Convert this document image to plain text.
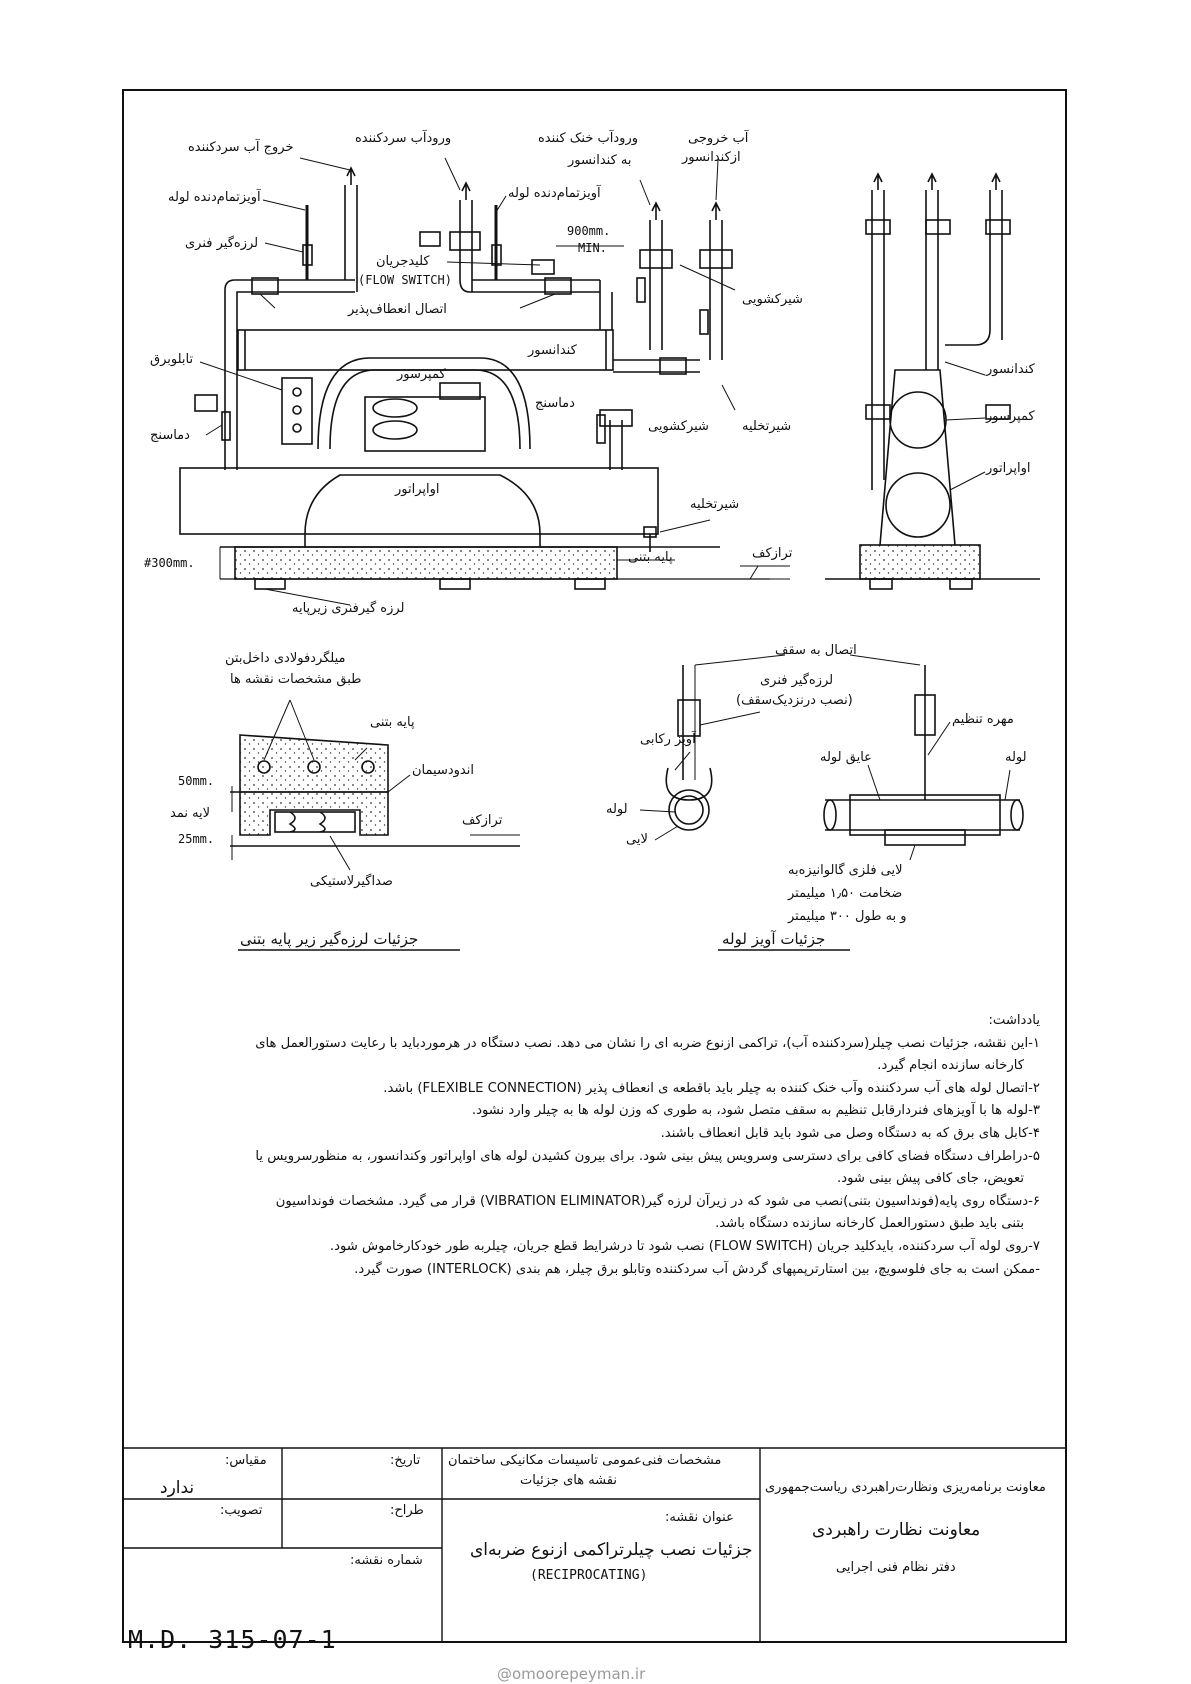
خروج آب سردکننده
ورودآب سردکننده	ورودآب خنک کننده
به کندانسور
آب خروجی
ازکندانسور
آویزتمام‌دنده لوله	آویزتمام‌دنده لوله
لرزه‌گیر فنری
کلیدجریان
(FLOW SWITCH)
900mm.
MIN.
اتصال انعطاف‌پذیر
شیرکشویی
کندانسور
تابلوبرق
کمپرسور
دماسنج
شیرکشویی	شیرتخلیه
دماسنج
اواپراتور
شیرتخلیه
ترازکف
پایه بتنی
#300mm.
لرزه گیرفنری زیرپایه
کندانسور
کمپرسور
اواپراتور
میلگردفولادی داخل‌بتن
طبق مشخصات نقشه ها
پایه بتنی
اندودسیمان
50mm.
لایه نمد	ترازکف
25mm.
صداگیرلاستیکی
جزئیات لرزه‌گیر زیر پایه بتنی
اتصال به سقف
لرزه‌گیر فنری
(نصب درنزدیک‌سقف)
آویز رکابی
مهره تنظیم
عایق لوله	لوله
لوله
لایی
لایی فلزی گالوانیزه‌به
ضخامت ۱٫۵۰ میلیمتر
و به طول ۳۰۰ میلیمتر
جزئیات آویز لوله
یادداشت:
۱-این نقشه، جزئیات نصب چیلر(سردکننده آب)، تراکمی ازنوع ضربه ای را نشان می دهد. نصب دستگاه در هرموردباید با رعایت دستورالعمل های
کارخانه سازنده انجام گیرد.
۲-اتصال لوله های آب سردکننده وآب خنک کننده به چیلر باید باقطعه ی انعطاف پذیر (FLEXIBLE CONNECTION) باشد.
۳-لوله ها با آویزهای فنردارقابل تنظیم به سقف متصل شود، به طوری که وزن لوله ها به چیلر وارد نشود.
۴-کابل های برق که به دستگاه وصل می شود باید قابل انعطاف باشند.
۵-دراطراف دستگاه فضای کافی برای دسترسی وسرویس پیش بینی شود. برای بیرون کشیدن لوله های اواپراتور وکندانسور، به منظورسرویس یا
تعویض، جای کافی پیش بینی شود.
۶-دستگاه روی پایه(فونداسیون بتنی)نصب می شود که در زیرآن لرزه گیر(VIBRATION ELIMINATOR) قرار می گیرد. مشخصات فونداسیون
بتنی باید طبق دستورالعمل کارخانه سازنده دستگاه باشد.
۷-روی لوله آب سردکننده، بایدکلید جریان (FLOW SWITCH) نصب شود تا درشرایط قطع جریان، چیلربه طور خودکارخاموش شود.
-ممکن است به جای فلوسویچ، بین استارترپمپهای گردش آب سردکننده وتابلو برق چیلر، هم بندی (INTERLOCK) صورت گیرد.
مقیاس:
ندارد
تاریخ:
تصویب:	طراح:
شماره نقشه:
M.D. 315-07-1
مشخصات فنی‌عمومی تاسیسات مکانیکی ساختمان
نقشه های جزئیات
عنوان نقشه:
جزئیات نصب چیلرتراکمی ازنوع ضربه‌ای
(RECIPROCATING)
معاونت برنامه‌ریزی ونظارت‌راهبردی ریاست‌جمهوری
معاونت نظارت راهبردی
دفتر نظام فنی اجرایی
@omoorepeyman.ir
